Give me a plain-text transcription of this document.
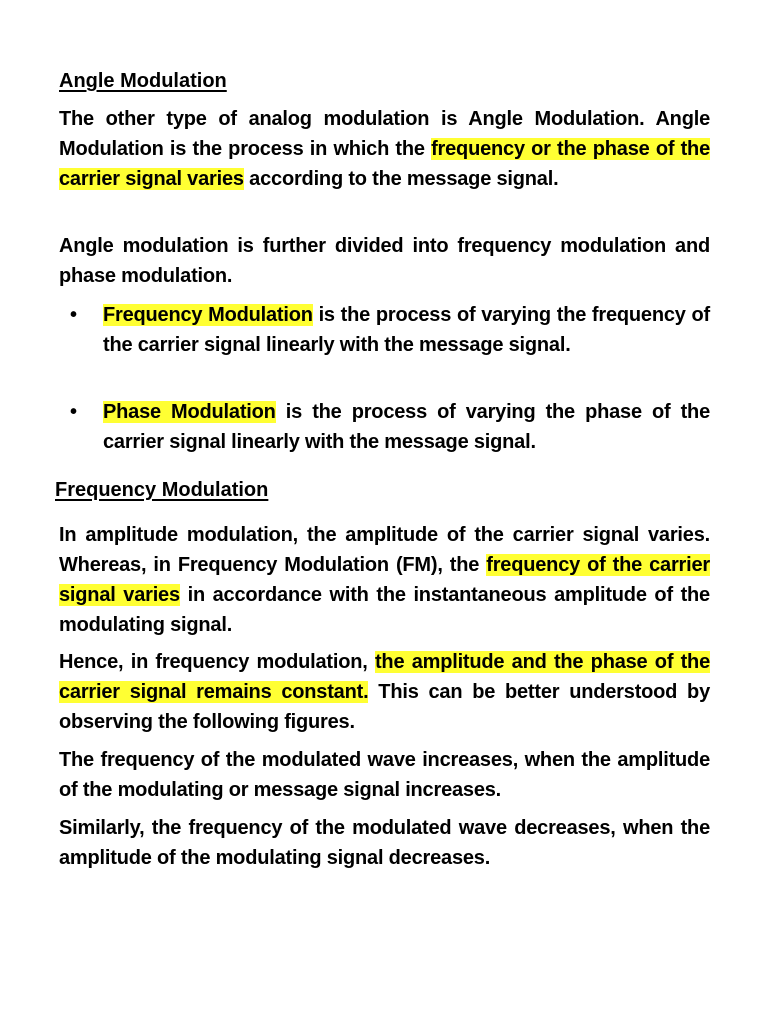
Angle Modulation
The other type of analog modulation is Angle Modulation. Angle Modulation is the process in which the frequency or the phase of the carrier signal varies according to the message signal.
Angle modulation is further divided into frequency modulation and phase modulation.
•	Frequency Modulation is the process of varying the frequency of the carrier signal linearly with the message signal.
•	Phase Modulation is the process of varying the phase of the carrier signal linearly with the message signal.
Frequency Modulation
In amplitude modulation, the amplitude of the carrier signal varies. Whereas, in Frequency Modulation (FM), the frequency of the carrier signal varies in accordance with the instantaneous amplitude of the modulating signal.
Hence, in frequency modulation, the amplitude and the phase of the carrier signal remains constant. This can be better understood by observing the following figures.
The frequency of the modulated wave increases, when the amplitude of the modulating or message signal increases.
Similarly, the frequency of the modulated wave decreases, when the amplitude of the modulating signal decreases.
